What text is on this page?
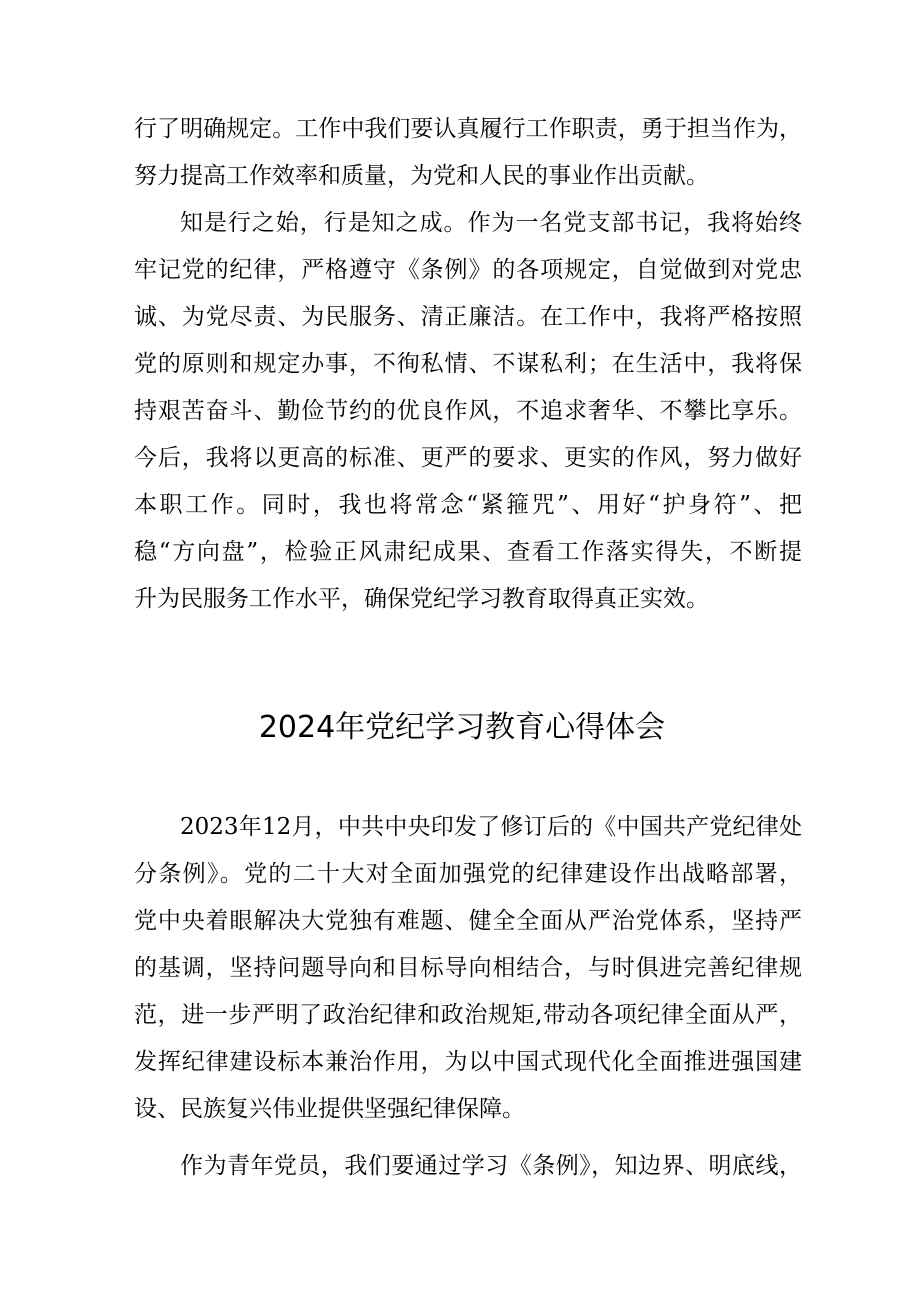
行了明确规定。工作中我们要认真履行工作职责，勇于担当作为，
努力提高工作效率和质量，为党和人民的事业作出贡献。
知是行之始，行是知之成。作为一名党支部书记，我将始终
牢记党的纪律，严格遵守《条例》的各项规定，自觉做到对党忠
诚、为党尽责、为民服务、清正廉洁。在工作中，我将严格按照
党的原则和规定办事，不徇私情、不谋私利；在生活中，我将保
持艰苦奋斗、勤俭节约的优良作风，不追求奢华、不攀比享乐。
今后，我将以更高的标准、更严的要求、更实的作风，努力做好
本职工作。同时，我也将常念“紧箍咒”、用好“护身符”、把
稳“方向盘”，检验正风肃纪成果、查看工作落实得失，不断提
升为民服务工作水平，确保党纪学习教育取得真正实效。
2024年党纪学习教育心得体会
2023年12月，中共中央印发了修订后的《中国共产党纪律处
分条例》。党的二十大对全面加强党的纪律建设作出战略部署，
党中央着眼解决大党独有难题、健全全面从严治党体系，坚持严
的基调，坚持问题导向和目标导向相结合，与时俱进完善纪律规
范，进一步严明了政治纪律和政治规矩,带动各项纪律全面从严，
发挥纪律建设标本兼治作用，为以中国式现代化全面推进强国建
设、民族复兴伟业提供坚强纪律保障。
作为青年党员，我们要通过学习《条例》，知边界、明底线，
